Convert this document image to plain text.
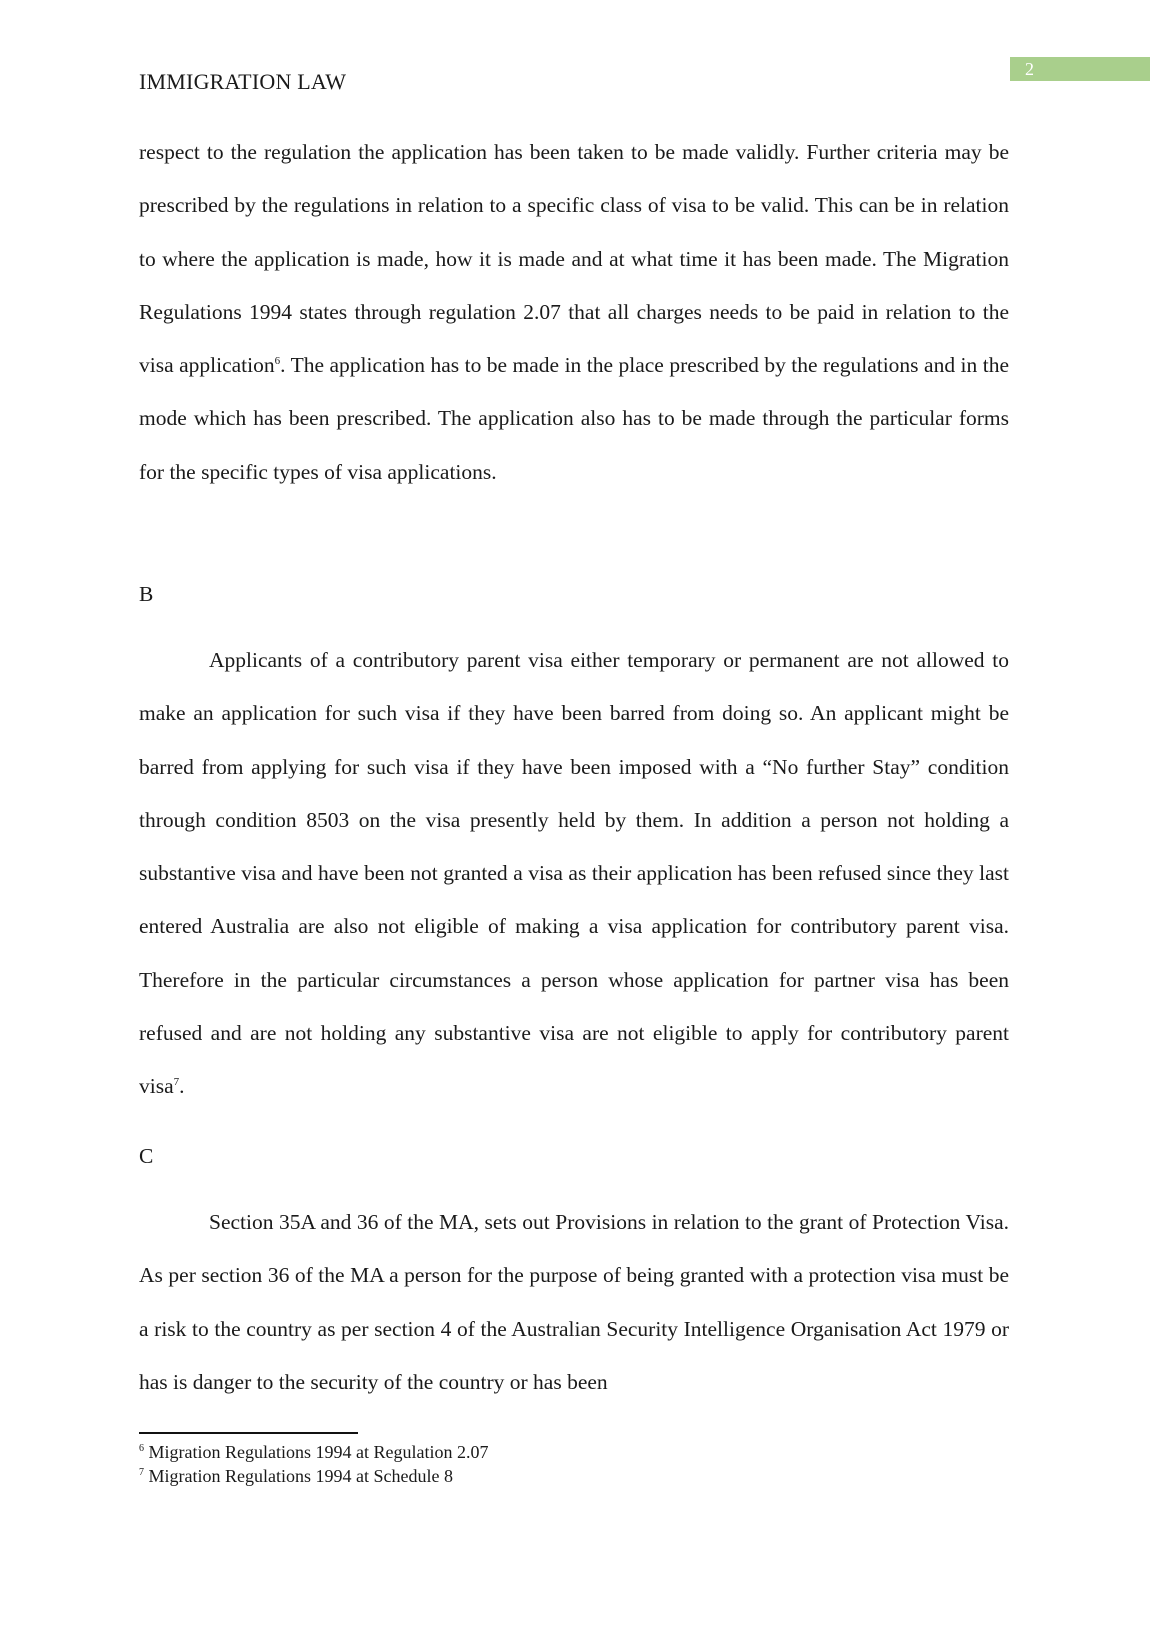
2
IMMIGRATION LAW

respect to the regulation the application has been taken to be made validly. Further criteria may be prescribed by the regulations in relation to a specific class of visa to be valid. This can be in relation to where the application is made, how it is made and at what time it has been made. The Migration Regulations 1994 states through regulation 2.07 that all charges needs to be paid in relation to the visa application$^6$. The application has to be made in the place prescribed by the regulations and in the mode which has been prescribed. The application also has to be made through the particular forms for the specific types of visa applications.

B

Applicants of a contributory parent visa either temporary or permanent are not allowed to make an application for such visa if they have been barred from doing so. An applicant might be barred from applying for such visa if they have been imposed with a “No further Stay” condition through condition 8503 on the visa presently held by them. In addition a person not holding a substantive visa and have been not granted a visa as their application has been refused since they last entered Australia are also not eligible of making a visa application for contributory parent visa. Therefore in the particular circumstances a person whose application for partner visa has been refused and are not holding any substantive visa are not eligible to apply for contributory parent visa$^7$.

C

Section 35A and 36 of the MA, sets out Provisions in relation to the grant of Protection Visa. As per section 36 of the MA a person for the purpose of being granted with a protection visa must be a risk to the country as per section 4 of the Australian Security Intelligence Organisation Act 1979 or has is danger to the security of the country or has been

$^6$ Migration Regulations 1994 at Regulation 2.07
$^7$ Migration Regulations 1994 at Schedule 8
